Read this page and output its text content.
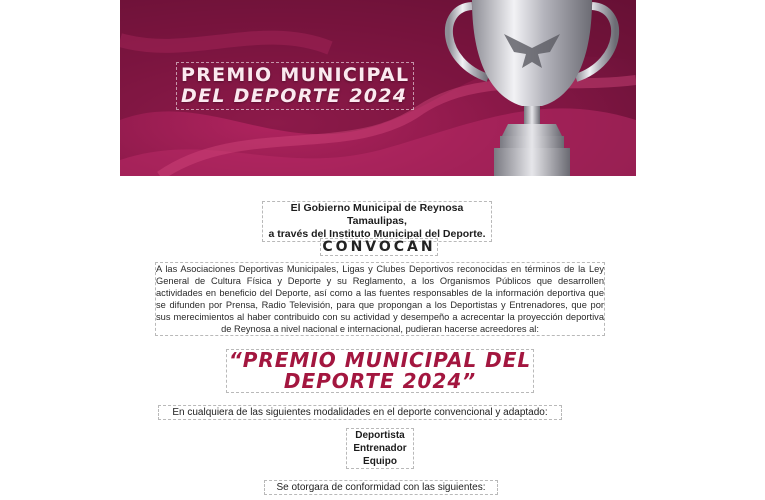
PREMIO MUNICIPAL
DEL DEPORTE 2024
El Gobierno Municipal de Reynosa Tamaulipas,
a través del Instituto Municipal del Deporte.
CONVOCAN
A las Asociaciones Deportivas Municipales, Ligas y Clubes Deportivos reconocidas en términos de la Ley General de Cultura Física y Deporte y su Reglamento, a los Organismos Públicos que desarrollen actividades en beneficio del Deporte, así como a las fuentes responsables de la información deportiva que se difunden por Prensa, Radio Televisión, para que propongan a los Deportistas y Entrenadores, que por sus merecimientos al haber contribuido con su actividad y desempeño a acrecentar la proyección deportiva de Reynosa a nivel nacional e internacional, pudieran hacerse acreedores al:
“PREMIO MUNICIPAL DEL
DEPORTE 2024”
En cualquiera de las siguientes modalidades en el deporte convencional y adaptado:
Deportista
Entrenador
Equipo
Se otorgara de conformidad con las siguientes:
